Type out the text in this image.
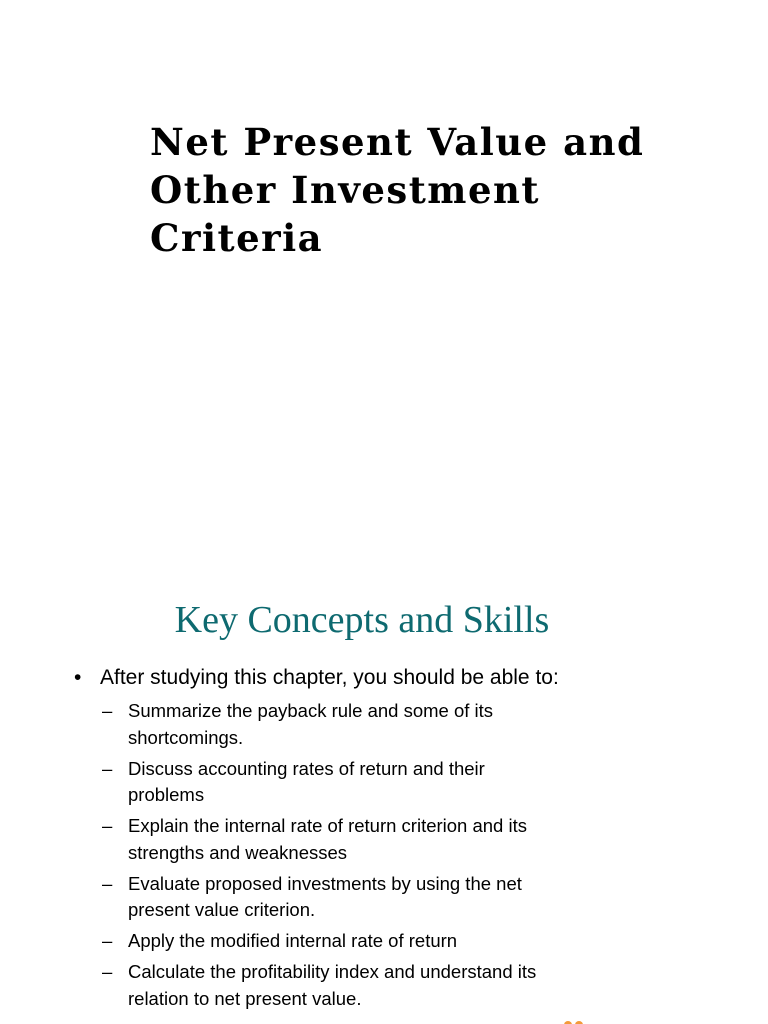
Net Present Value and
Other Investment
Criteria
Key Concepts and Skills
• After studying this chapter, you should be able to:
– Summarize the payback rule and some of its
shortcomings.
– Discuss accounting rates of return and their
problems
– Explain the internal rate of return criterion and its
strengths and weaknesses
– Evaluate proposed investments by using the net
present value criterion.
– Apply the modified internal rate of return
– Calculate the profitability index and understand its
relation to net present value.
